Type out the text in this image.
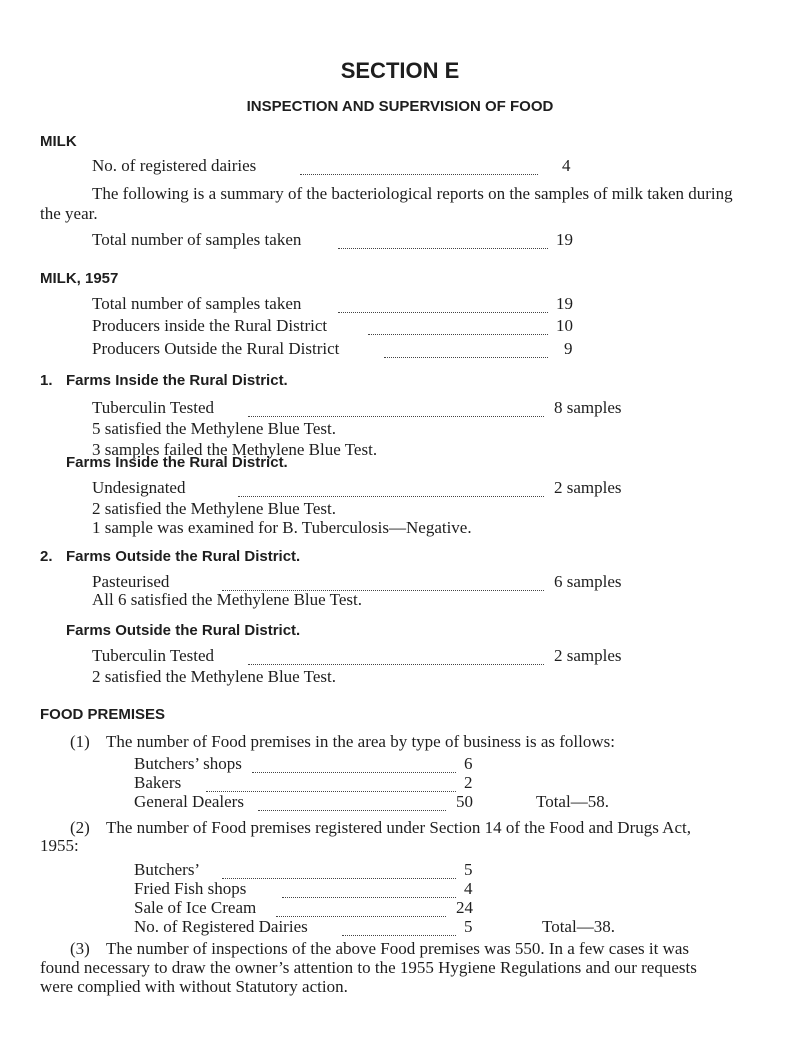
SECTION E
INSPECTION AND SUPERVISION OF FOOD
MILK
No. of registered dairies	4
The following is a summary of the bacteriological reports on the samples of milk taken during
the year.
Total number of samples taken	19
MILK, 1957
Total number of samples taken	19
Producers inside the Rural District	10
Producers Outside the Rural District	9
1. Farms Inside the Rural District.
Tuberculin Tested	8 samples
5 satisfied the Methylene Blue Test.
3 samples failed the Methylene Blue Test.
Farms Inside the Rural District.
Undesignated	2 samples
2 satisfied the Methylene Blue Test.
1 sample was examined for B. Tuberculosis—Negative.
2. Farms Outside the Rural District.
Pasteurised	6 samples
All 6 satisfied the Methylene Blue Test.
Farms Outside the Rural District.
Tuberculin Tested	2 samples
2 satisfied the Methylene Blue Test.
FOOD PREMISES
(1) The number of Food premises in the area by type of business is as follows:
Butchers’ shops	6
Bakers	2
General Dealers	50	Total—58.
(2) The number of Food premises registered under Section 14 of the Food and Drugs Act,
1955:
Butchers’	5
Fried Fish shops	4
Sale of Ice Cream	24
No. of Registered Dairies	5	Total—38.
(3) The number of inspections of the above Food premises was 550. In a few cases it was
found necessary to draw the owner’s attention to the 1955 Hygiene Regulations and our requests
were complied with without Statutory action.
